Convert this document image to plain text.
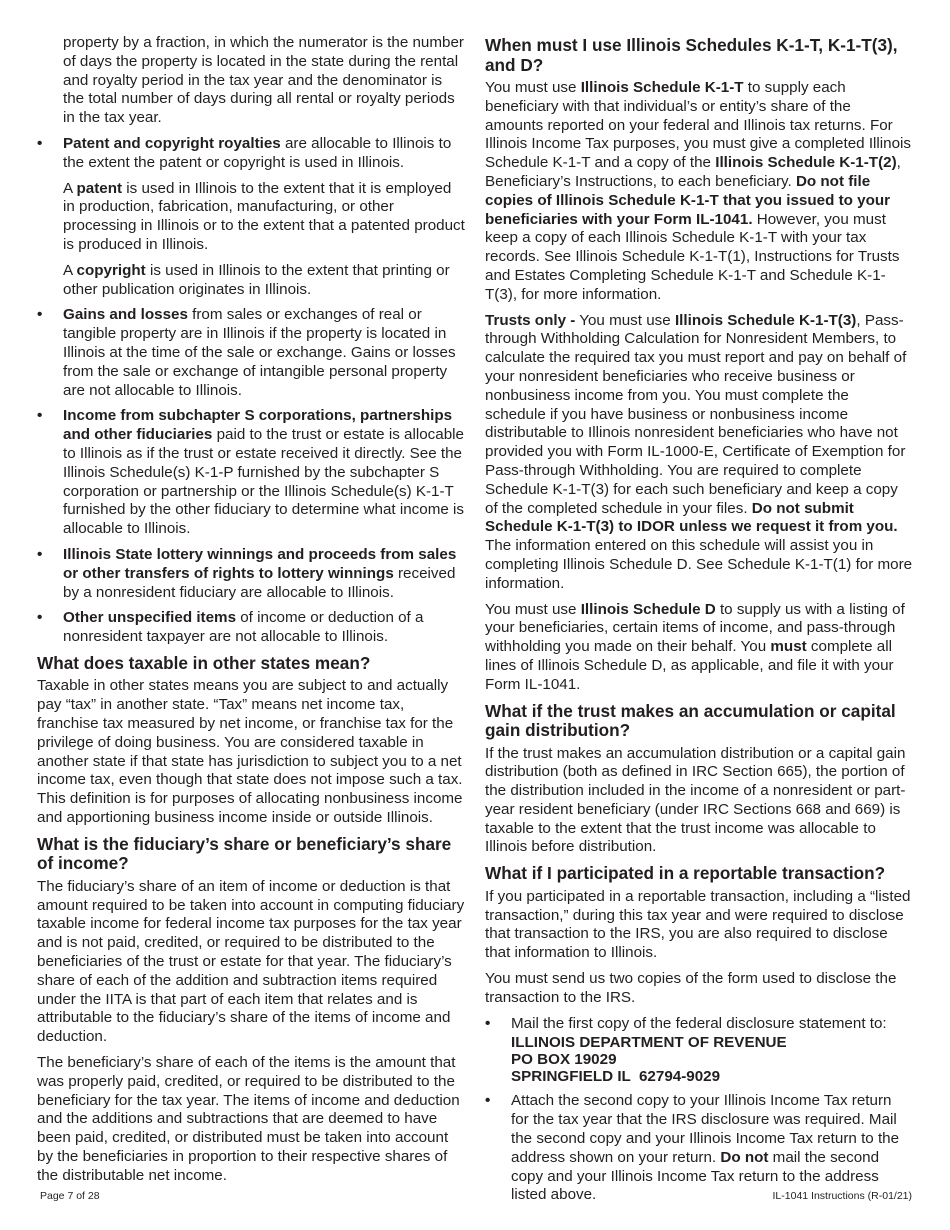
property by a fraction, in which the numerator is the number of days the property is located in the state during the rental and royalty period in the tax year and the denominator is the total number of days during all rental or royalty periods in the tax year.

• Patent and copyright royalties are allocable to Illinois to the extent the patent or copyright is used in Illinois.

A patent is used in Illinois to the extent that it is employed in production, fabrication, manufacturing, or other processing in Illinois or to the extent that a patented product is produced in Illinois.

A copyright is used in Illinois to the extent that printing or other publication originates in Illinois.

• Gains and losses from sales or exchanges of real or tangible property are in Illinois if the property is located in Illinois at the time of the sale or exchange. Gains or losses from the sale or exchange of intangible personal property are not allocable to Illinois.
• Income from subchapter S corporations, partnerships and other fiduciaries paid to the trust or estate is allocable to Illinois as if the trust or estate received it directly. See the Illinois Schedule(s) K-1-P furnished by the subchapter S corporation or partnership or the Illinois Schedule(s) K-1-T furnished by the other fiduciary to determine what income is allocable to Illinois.
• Illinois State lottery winnings and proceeds from sales or other transfers of rights to lottery winnings received by a nonresident fiduciary are allocable to Illinois.
• Other unspecified items of income or deduction of a nonresident taxpayer are not allocable to Illinois.
What does taxable in other states mean?

Taxable in other states means you are subject to and actually pay “tax” in another state. “Tax” means net income tax, franchise tax measured by net income, or franchise tax for the privilege of doing business. You are considered taxable in another state if that state has jurisdiction to subject you to a net income tax, even though that state does not impose such a tax. This definition is for purposes of allocating nonbusiness income and apportioning business income inside or outside Illinois.

What is the fiduciary’s share or beneficiary’s share of income?

The fiduciary’s share of an item of income or deduction is that amount required to be taken into account in computing fiduciary taxable income for federal income tax purposes for the tax year and is not paid, credited, or required to be distributed to the beneficiaries of the trust or estate for that year. The fiduciary’s share of each of the addition and subtraction items required under the IITA is that part of each item that relates and is attributable to the fiduciary’s share of the items of income and deduction.

The beneficiary’s share of each of the items is the amount that was properly paid, credited, or required to be distributed to the beneficiary for the tax year. The items of income and deduction and the additions and subtractions that are deemed to have been paid, credited, or distributed must be taken into account by the beneficiaries in proportion to their respective shares of the distributable net income.

When must I use Illinois Schedules K-1-T, K-1-T(3), and D?

You must use Illinois Schedule K-1-T to supply each beneficiary with that individual’s or entity’s share of the amounts reported on your federal and Illinois tax returns. For Illinois Income Tax purposes, you must give a completed Illinois Schedule K-1-T and a copy of the Illinois Schedule K-1-T(2), Beneficiary’s Instructions, to each beneficiary. Do not file copies of Illinois Schedule K-1-T that you issued to your beneficiaries with your Form IL-1041. However, you must keep a copy of each Illinois Schedule K-1-T with your tax records. See Illinois Schedule K-1-T(1), Instructions for Trusts and Estates Completing Schedule K-1-T and Schedule K-1-T(3), for more information.

Trusts only - You must use Illinois Schedule K-1-T(3), Pass-through Withholding Calculation for Nonresident Members, to calculate the required tax you must report and pay on behalf of your nonresident beneficiaries who receive business or nonbusiness income from you. You must complete the schedule if you have business or nonbusiness income distributable to Illinois nonresident beneficiaries who have not provided you with Form IL-1000-E, Certificate of Exemption for Pass-through Withholding. You are required to complete Schedule K-1-T(3) for each such beneficiary and keep a copy of the completed schedule in your files. Do not submit Schedule K-1-T(3) to IDOR unless we request it from you. The information entered on this schedule will assist you in completing Illinois Schedule D. See Schedule K-1-T(1) for more information.

You must use Illinois Schedule D to supply us with a listing of your beneficiaries, certain items of income, and pass-through withholding you made on their behalf. You must complete all lines of Illinois Schedule D, as applicable, and file it with your Form IL-1041.

What if the trust makes an accumulation or capital gain distribution?

If the trust makes an accumulation distribution or a capital gain distribution (both as defined in IRC Section 665), the portion of the distribution included in the income of a nonresident or part-year resident beneficiary (under IRC Sections 668 and 669) is taxable to the extent that the trust income was allocable to Illinois before distribution.

What if I participated in a reportable transaction?

If you participated in a reportable transaction, including a “listed transaction,” during this tax year and were required to disclose that transaction to the IRS, you are also required to disclose that information to Illinois.

You must send us two copies of the form used to disclose the transaction to the IRS.

• Mail the first copy of the federal disclosure statement to:
ILLINOIS DEPARTMENT OF REVENUE
PO BOX 19029
SPRINGFIELD IL  62794-9029
• Attach the second copy to your Illinois Income Tax return for the tax year that the IRS disclosure was required. Mail the second copy and your Illinois Income Tax return to the address shown on your return. Do not mail the second copy and your Illinois Income Tax return to the address listed above.
Page 7 of 28	IL-1041 Instructions (R-01/21)
